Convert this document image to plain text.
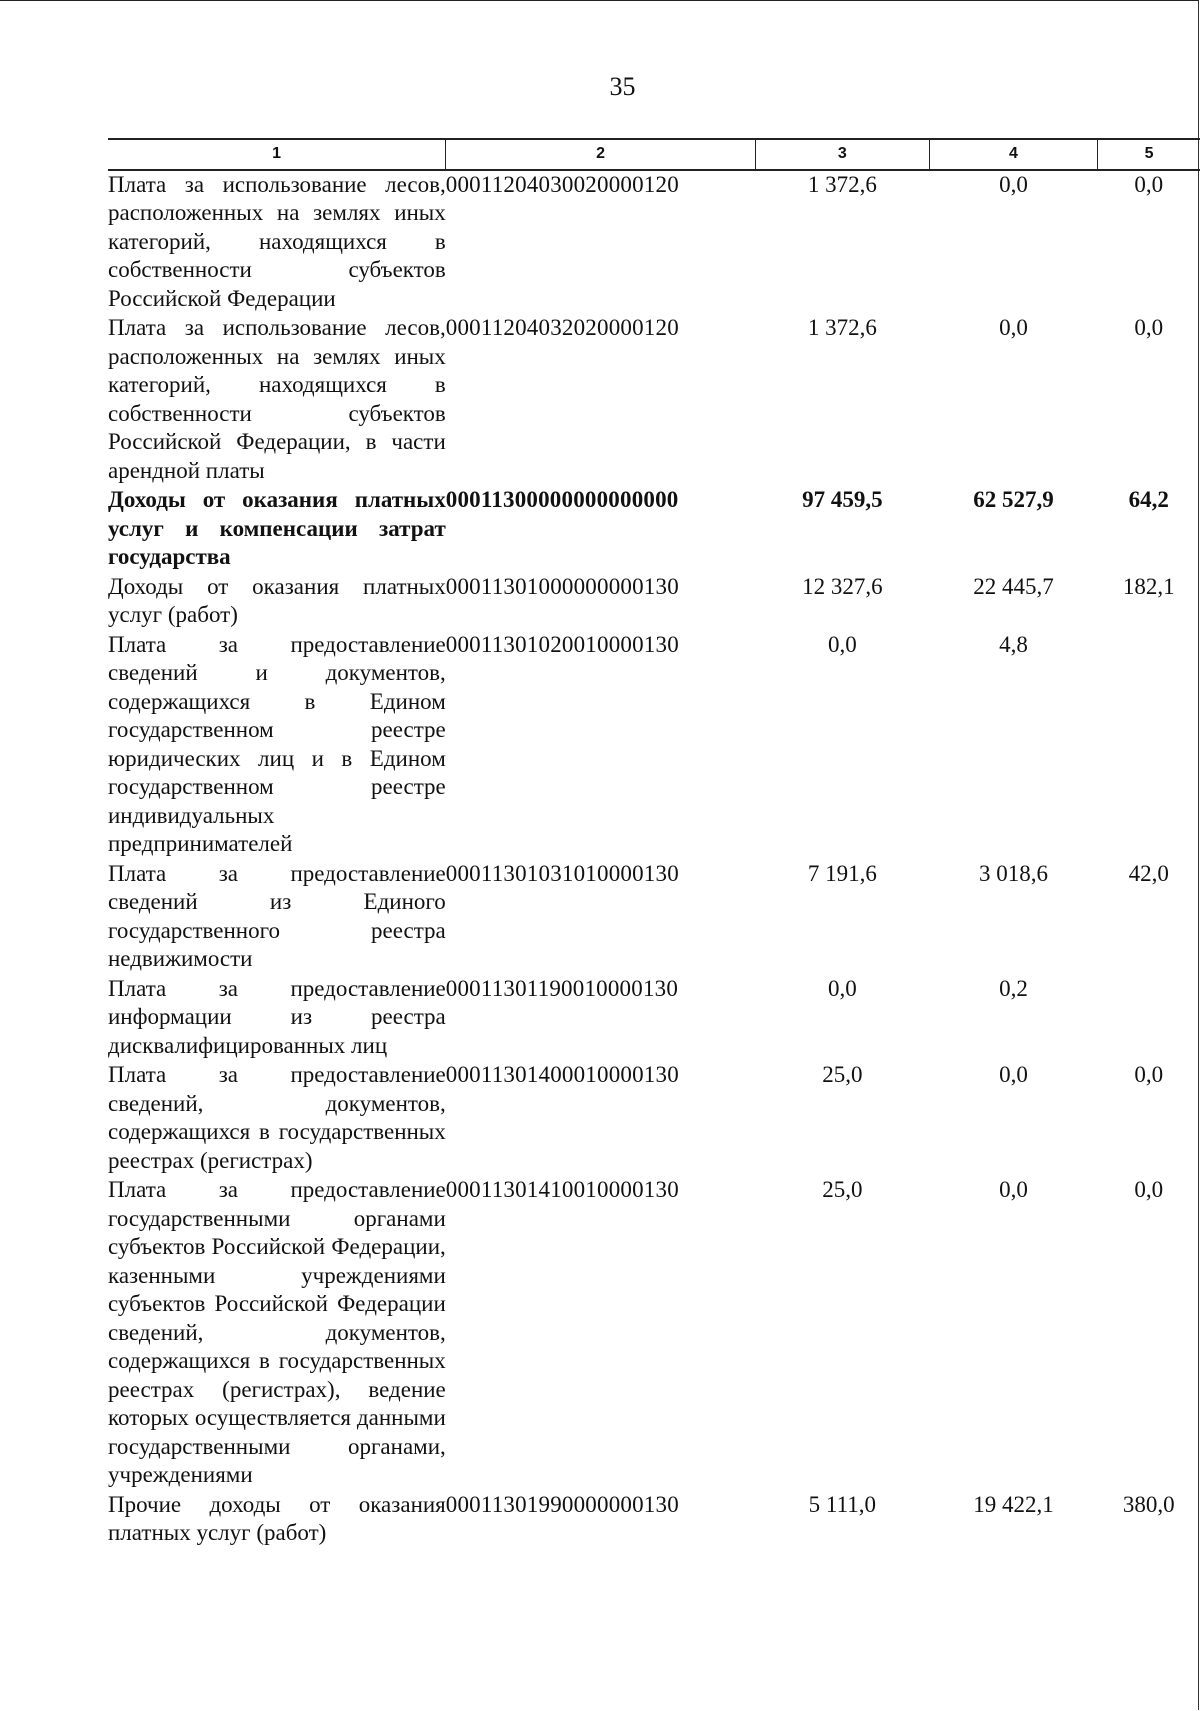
35
1	2	3	4	5
Плата за использование лесов, расположенных на землях иных категорий, находящихся в собственности субъектов Российской Федерации	00011204030020000120	1 372,6	0,0	0,0
Плата за использование лесов, расположенных на землях иных категорий, находящихся в собственности субъектов Российской Федерации, в части арендной платы	00011204032020000120	1 372,6	0,0	0,0
Доходы от оказания платных услуг и компенсации затрат государства	00011300000000000000	97 459,5	62 527,9	64,2
Доходы от оказания платных услуг (работ)	00011301000000000130	12 327,6	22 445,7	182,1
Плата за предоставление сведений и документов, содержащихся в Едином государственном реестре юридических лиц и в Едином государственном реестре индивидуальных предпринимателей	00011301020010000130	0,0	4,8	
Плата за предоставление сведений из Единого государственного реестра недвижимости	00011301031010000130	7 191,6	3 018,6	42,0
Плата за предоставление информации из реестра дисквалифицированных лиц	00011301190010000130	0,0	0,2	
Плата за предоставление сведений, документов, содержащихся в государственных реестрах (регистрах)	00011301400010000130	25,0	0,0	0,0
Плата за предоставление государственными органами субъектов Российской Федерации, казенными учреждениями субъектов Российской Федерации сведений, документов, содержащихся в государственных реестрах (регистрах), ведение которых осуществляется данными государственными органами, учреждениями	00011301410010000130	25,0	0,0	0,0
Прочие доходы от оказания платных услуг (работ)	00011301990000000130	5 111,0	19 422,1	380,0
